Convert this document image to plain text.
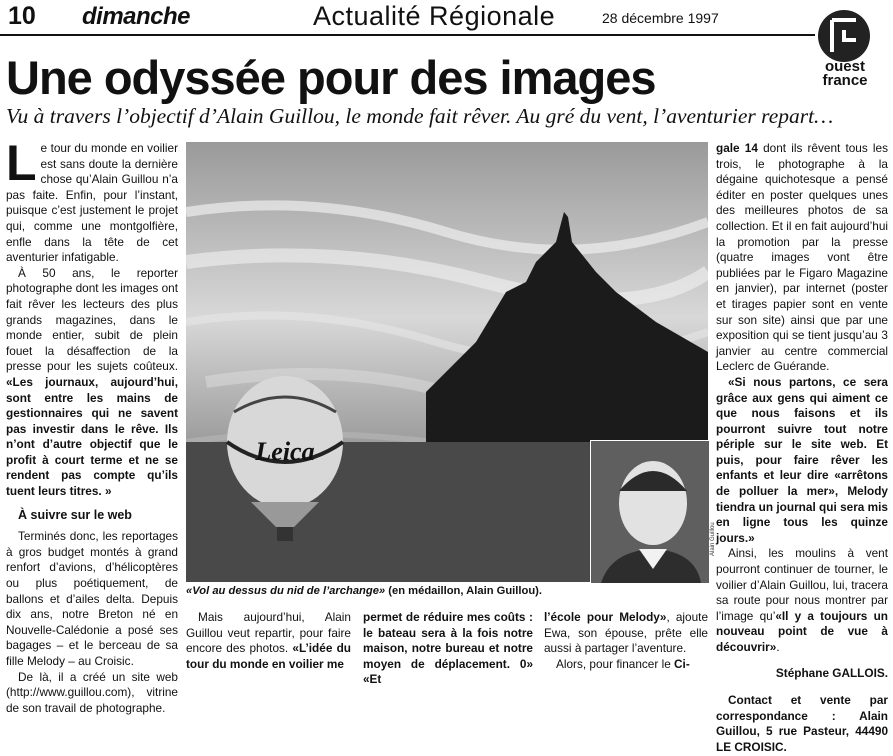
10 dimanche	Actualité Régionale	28 décembre 1997
ouest france
Une odyssée pour des images
Vu à travers l’objectif d’Alain Guillou, le monde fait rêver. Au gré du vent, l’aventurier repart…

Le tour du monde en voilier est sans doute la dernière chose qu’Alain Guillou n’a pas faite. Enfin, pour l’instant, puisque c’est justement le projet qui, comme une montgolfière, enfle dans la tête de cet aventurier infatigable.

À 50 ans, le reporter photographe dont les images ont fait rêver les lecteurs des plus grands magazines, dans le monde entier, subit de plein fouet la désaffection de la presse pour les sujets coûteux. «Les journaux, aujourd’hui, sont entre les mains de gestionnaires qui ne savent pas investir dans le rêve. Ils n’ont d’autre objectif que le profit à court terme et ne se rendent pas compte qu’ils tuent leurs titres. »

À suivre sur le web

Terminés donc, les reportages à gros budget montés à grand renfort d’avions, d’hélicoptères ou plus poétiquement, de ballons et d’ailes delta. Depuis dix ans, notre Breton né en Nouvelle-Calédonie a posé ses bagages – et le berceau de sa fille Melody – au Croisic.

De là, il a créé un site web (http://www.guillou.com), vitrine de son travail de photographe.

Leica
Alain Guillou
«Vol au dessus du nid de l’archange» (en médaillon, Alain Guillou).

Mais aujourd’hui, Alain Guillou veut repartir, pour faire encore des photos. «L’idée du tour du monde en voilier me

permet de réduire mes coûts : le bateau sera à la fois notre maison, notre bureau et notre moyen de déplacement. 0» «Et

l’école pour Melody», ajoute Ewa, son épouse, prête elle aussi à partager l’aventure.

Alors, pour financer le Ci-

gale 14 dont ils rêvent tous les trois, le photographe à la dégaine quichotesque a pensé éditer en poster quelques unes des meilleures photos de sa collection. Et il en fait aujourd’hui la promotion par la presse (quatre images vont être publiées par le Figaro Magazine en janvier), par internet (poster et tirages papier sont en vente sur son site) ainsi que par une exposition qui se tient jusqu’au 3 janvier au centre commercial Leclerc de Guérande.

«Si nous partons, ce sera grâce aux gens qui aiment ce que nous faisons et ils pourront suivre tout notre périple sur le site web. Et puis, pour faire rêver les enfants et leur dire «arrêtons de polluer la mer», Melody tiendra un journal qui sera mis en ligne tous les quinze jours.»

Ainsi, les moulins à vent pourront continuer de tourner, le voilier d’Alain Guillou, lui, tracera sa route pour nous montrer par l’image qu’«Il y a toujours un nouveau point de vue à découvrir».

Stéphane GALLOIS.

Contact et vente par correspondance : Alain Guillou, 5 rue Pasteur, 44490 LE CROISIC.
